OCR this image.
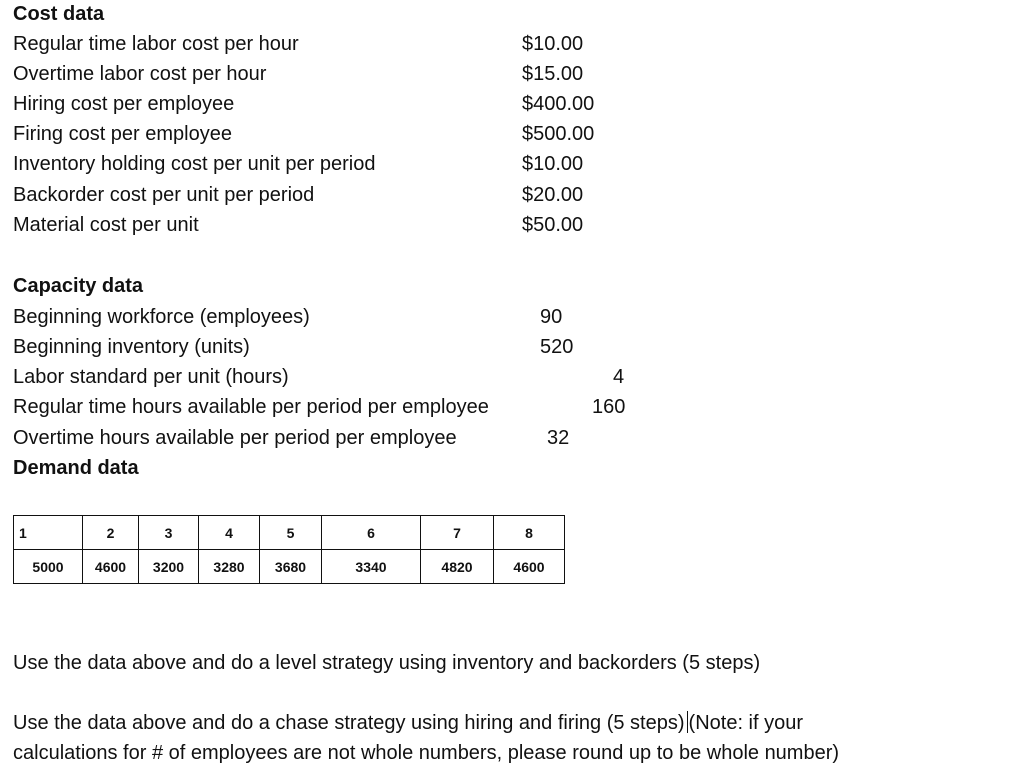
Cost data
Regular time labor cost per hour	$10.00
Overtime labor cost per hour	$15.00
Hiring cost per employee	$400.00
Firing cost per employee	$500.00
Inventory holding cost per unit per period	$10.00
Backorder cost per unit per period	$20.00
Material cost per unit	$50.00
Capacity data
Beginning workforce (employees)	90
Beginning inventory (units)	520
Labor standard per unit (hours)	4
Regular time hours available per period per employee	160
Overtime hours available per period per employee	32
Demand data
1	2	3	4	5	6	7	8
5000	4600	3200	3280	3680	3340	4820	4600
Use the data above and do a level strategy using inventory and backorders (5 steps)
Use the data above and do a chase strategy using hiring and firing (5 steps) (Note: if your
calculations for # of employees are not whole numbers, please round up to be whole number)
